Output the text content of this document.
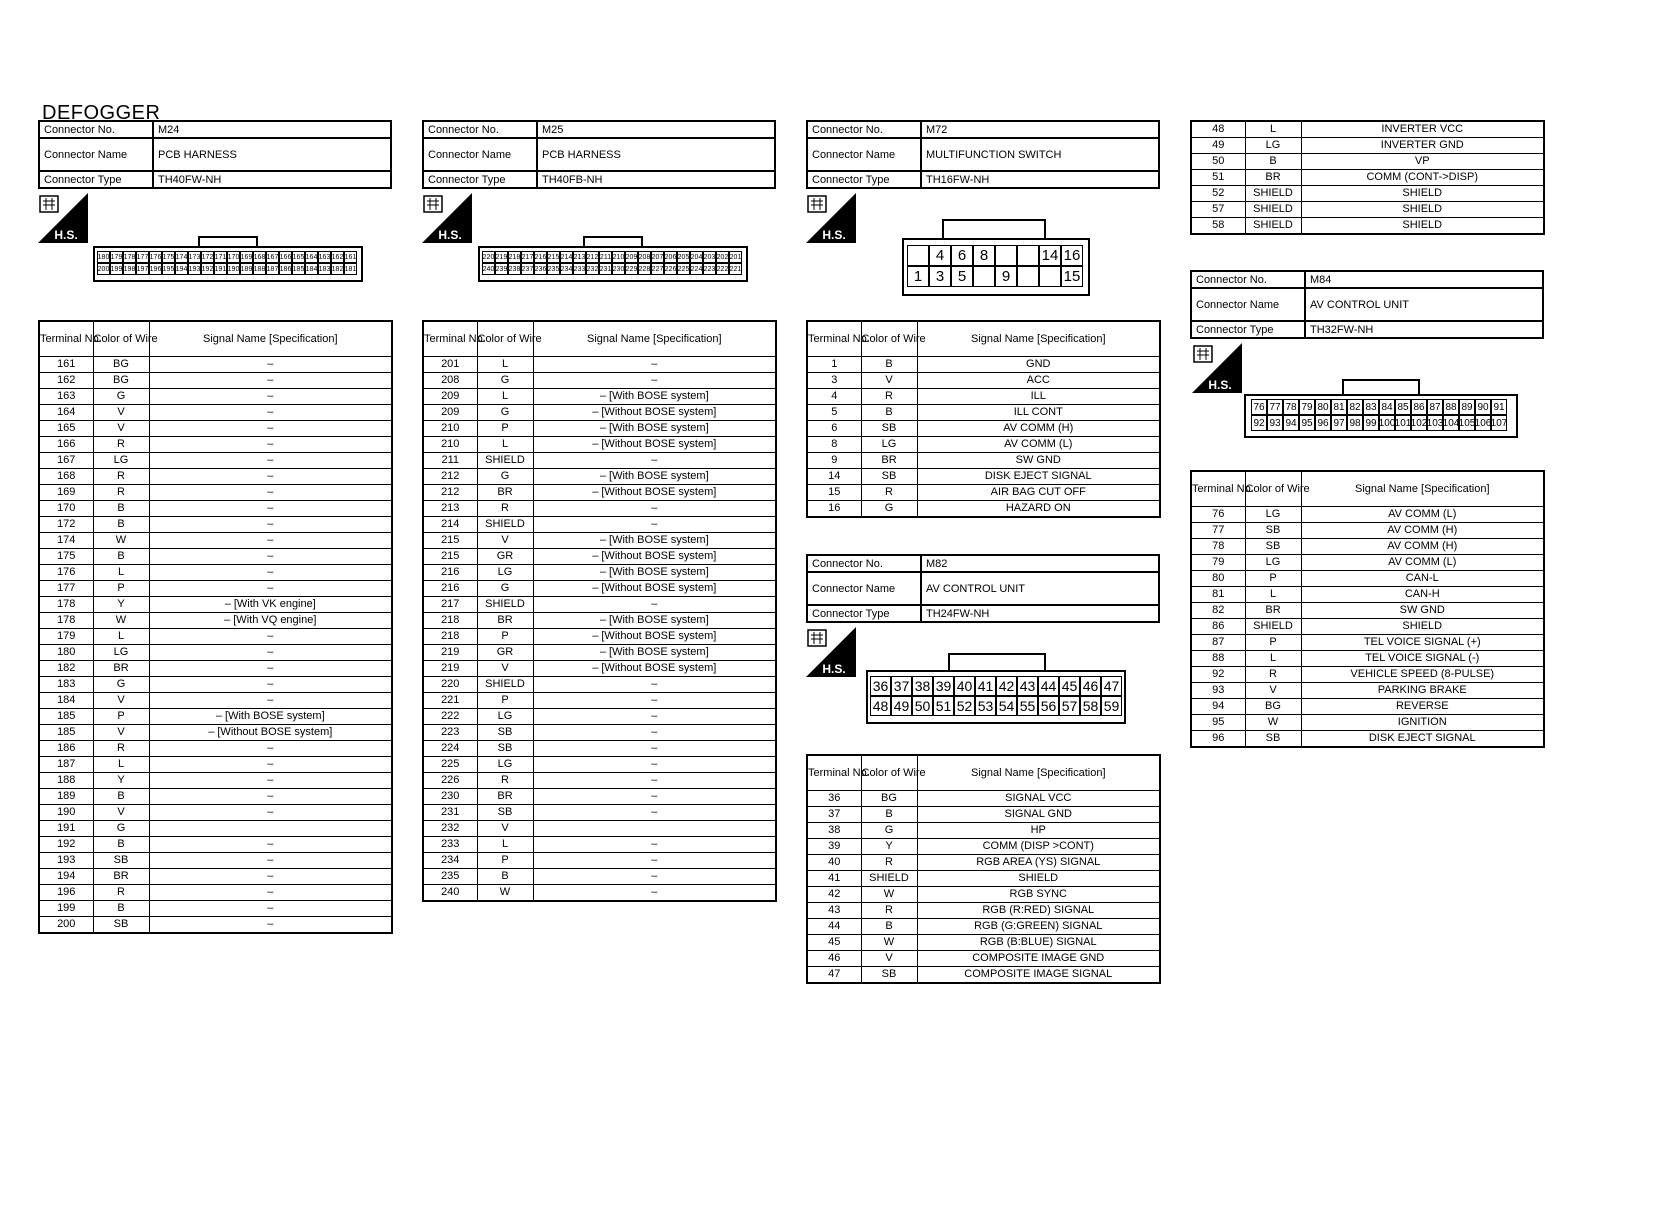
DEFOGGER
Connector No.	M24
Connector Name	PCB HARNESS
Connector Type	TH40FW-NH
H.S.
180 179 178 177 176 175 174 173 172 171 170 169 168 167 166 165 164 163 162 161
200 199 198 197 196 195 194 193 192 191 190 189 188 187 186 185 184 183 182 181
Terminal No.	Color of Wire	Signal Name [Specification]
161	BG	–
162	BG	–
163	G	–
164	V	–
165	V	–
166	R	–
167	LG	–
168	R	–
169	R	–
170	B	–
172	B	–
174	W	–
175	B	–
176	L	–
177	P	–
178	Y	– [With VK engine]
178	W	– [With VQ engine]
179	L	–
180	LG	–
182	BR	–
183	G	–
184	V	–
185	P	– [With BOSE system]
185	V	– [Without BOSE system]
186	R	–
187	L	–
188	Y	–
189	B	–
190	V	–
191	G	
192	B	–
193	SB	–
194	BR	–
196	R	–
199	B	–
200	SB	–
Connector No.	M25
Connector Name	PCB HARNESS
Connector Type	TH40FB-NH
H.S.
220 219 218 217 216 215 214 213 212 211 210 209 208 207 206 205 204 203 202 201
240 239 238 237 236 235 234 233 232 231 230 229 228 227 226 225 224 223 222 221
Terminal No.	Color of Wire	Signal Name [Specification]
201	L	–
208	G	–
209	L	– [With BOSE system]
209	G	– [Without BOSE system]
210	P	– [With BOSE system]
210	L	– [Without BOSE system]
211	SHIELD	–
212	G	– [With BOSE system]
212	BR	– [Without BOSE system]
213	R	–
214	SHIELD	–
215	V	– [With BOSE system]
215	GR	– [Without BOSE system]
216	LG	– [With BOSE system]
216	G	– [Without BOSE system]
217	SHIELD	–
218	BR	– [With BOSE system]
218	P	– [Without BOSE system]
219	GR	– [With BOSE system]
219	V	– [Without BOSE system]
220	SHIELD	–
221	P	–
222	LG	–
223	SB	–
224	SB	–
225	LG	–
226	R	–
230	BR	–
231	SB	–
232	V	
233	L	–
234	P	–
235	B	–
240	W	–
Connector No.	M72
Connector Name	MULTIFUNCTION SWITCH
Connector Type	TH16FW-NH
H.S.
4 6 8	14 16
1 3 5	9	15
Terminal No.	Color of Wire	Signal Name [Specification]
1	B	GND
3	V	ACC
4	R	ILL
5	B	ILL CONT
6	SB	AV COMM (H)
8	LG	AV COMM (L)
9	BR	SW GND
14	SB	DISK EJECT SIGNAL
15	R	AIR BAG CUT OFF
16	G	HAZARD ON
Connector No.	M82
Connector Name	AV CONTROL UNIT
Connector Type	TH24FW-NH
H.S.
36 37 38 39 40 41 42 43 44 45 46 47
48 49 50 51 52 53 54 55 56 57 58 59
Terminal No.	Color of Wire	Signal Name [Specification]
36	BG	SIGNAL VCC
37	B	SIGNAL GND
38	G	HP
39	Y	COMM (DISP >CONT)
40	R	RGB AREA (YS) SIGNAL
41	SHIELD	SHIELD
42	W	RGB SYNC
43	R	RGB (R:RED) SIGNAL
44	B	RGB (G:GREEN) SIGNAL
45	W	RGB (B:BLUE) SIGNAL
46	V	COMPOSITE IMAGE GND
47	SB	COMPOSITE IMAGE SIGNAL
48	L	INVERTER VCC
49	LG	INVERTER GND
50	B	VP
51	BR	COMM (CONT->DISP)
52	SHIELD	SHIELD
57	SHIELD	SHIELD
58	SHIELD	SHIELD
Connector No.	M84
Connector Name	AV CONTROL UNIT
Connector Type	TH32FW-NH
H.S.
76 77 78 79 80 81 82 83 84 85 86 87 88 89 90 91
92 93 94 95 96 97 98 99 100 101 102 103 104 105 106 107
Terminal No.	Color of Wire	Signal Name [Specification]
76	LG	AV COMM (L)
77	SB	AV COMM (H)
78	SB	AV COMM (H)
79	LG	AV COMM (L)
80	P	CAN-L
81	L	CAN-H
82	BR	SW GND
86	SHIELD	SHIELD
87	P	TEL VOICE SIGNAL (+)
88	L	TEL VOICE SIGNAL (-)
92	R	VEHICLE SPEED (8-PULSE)
93	V	PARKING BRAKE
94	BG	REVERSE
95	W	IGNITION
96	SB	DISK EJECT SIGNAL
